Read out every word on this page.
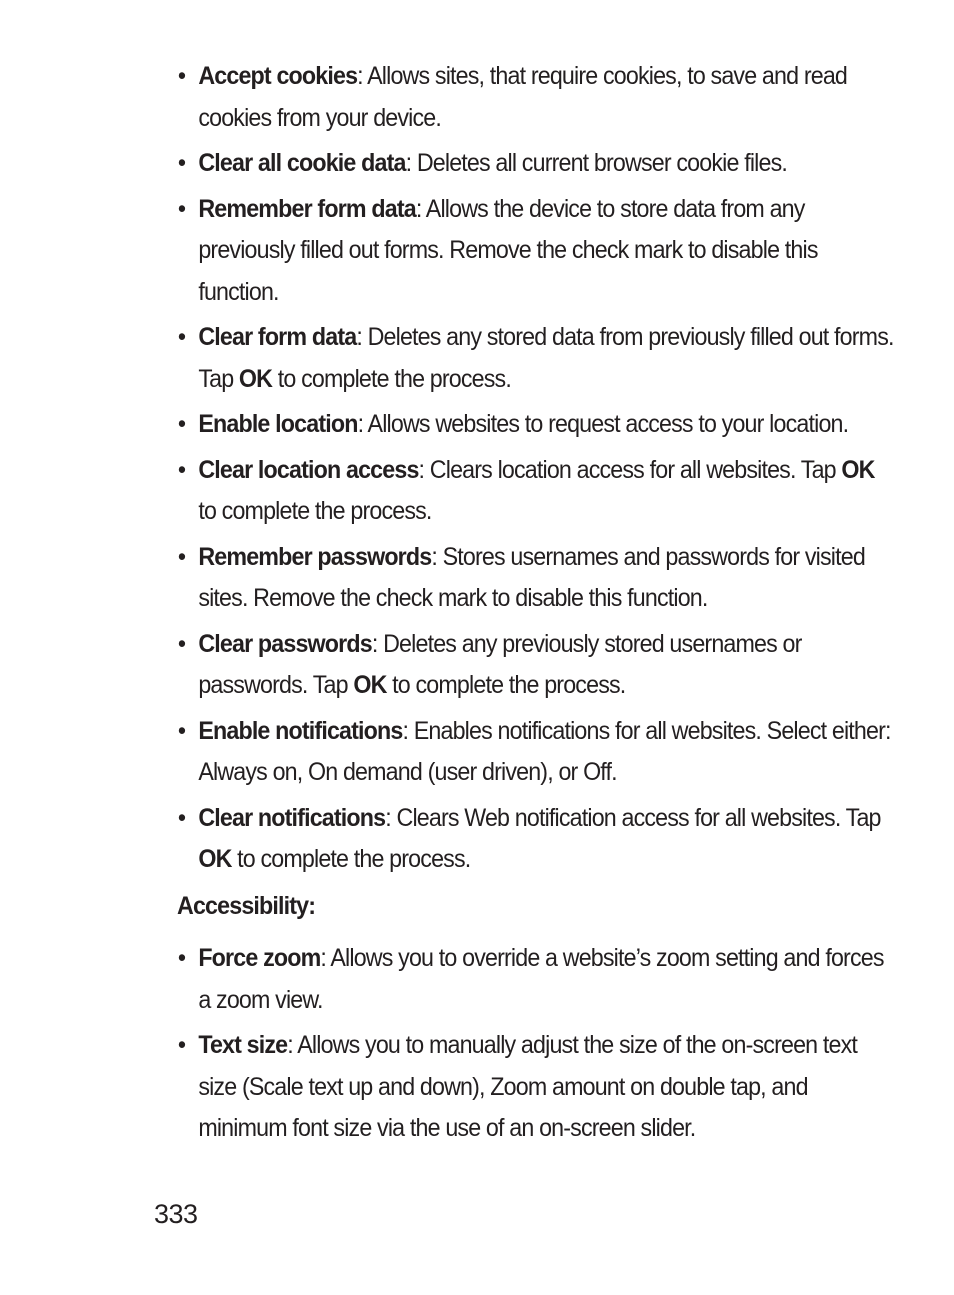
• Accept cookies: Allows sites, that require cookies, to save and read cookies from your device.
• Clear all cookie data: Deletes all current browser cookie files.
• Remember form data: Allows the device to store data from any previously filled out forms. Remove the check mark to disable this function.
• Clear form data: Deletes any stored data from previously filled out forms. Tap OK to complete the process.
• Enable location: Allows websites to request access to your location.
• Clear location access: Clears location access for all websites. Tap OK to complete the process.
• Remember passwords: Stores usernames and passwords for visited sites. Remove the check mark to disable this function.
• Clear passwords: Deletes any previously stored usernames or passwords. Tap OK to complete the process.
• Enable notifications: Enables notifications for all websites. Select either: Always on, On demand (user driven), or Off.
• Clear notifications: Clears Web notification access for all websites. Tap OK to complete the process.
Accessibility:
• Force zoom: Allows you to override a website’s zoom setting and forces a zoom view.
• Text size: Allows you to manually adjust the size of the on-screen text size (Scale text up and down), Zoom amount on double tap, and minimum font size via the use of an on-screen slider.
333
